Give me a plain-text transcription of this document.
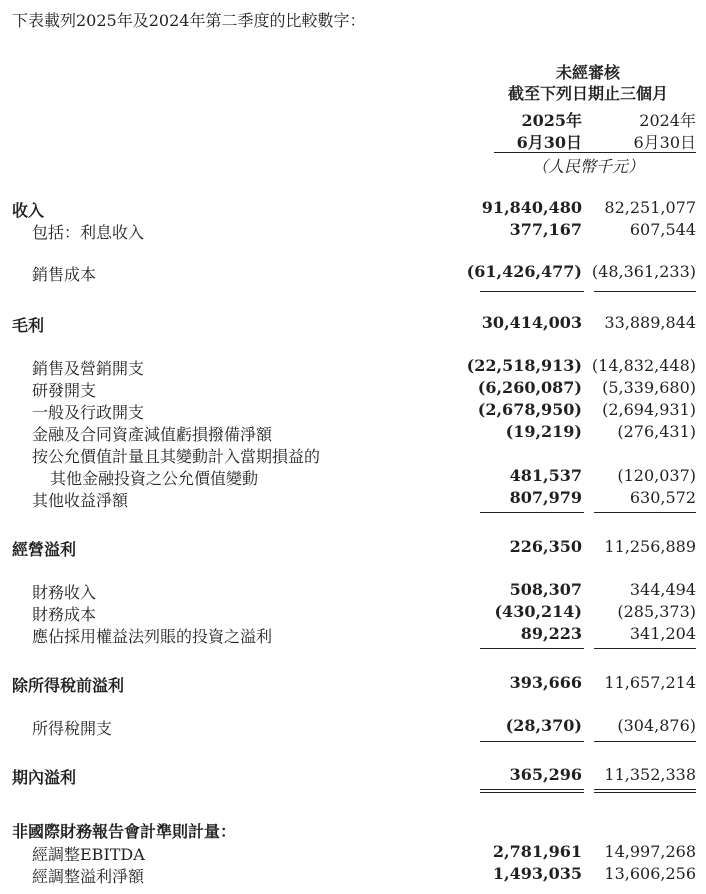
下表載列2025年及2024年第二季度的比較數字：
未經審核
截至下列日期止三個月
2025年
6月30日
2024年
6月30日
（人民幣千元）
收入	91,840,480 82,251,077
包括：利息收入	377,167	607,544
銷售成本	(61,426,477) (48,361,233)
毛利	30,414,003 33,889,844
銷售及營銷開支	(22,518,913) (14,832,448)
研發開支	(6,260,087) (5,339,680)
一般及行政開支	(2,678,950) (2,694,931)
金融及合同資產減值虧損撥備淨額	(19,219) (276,431)
按公允價值計量且其變動計入當期損益的
其他金融投資之公允價值變動	481,537 (120,037)
其他收益淨額	807,979	630,572
經營溢利	226,350 11,256,889
財務收入	508,307	344,494
財務成本	(430,214) (285,373)
應佔採用權益法列賬的投資之溢利	89,223	341,204
除所得稅前溢利	393,666 11,657,214
所得稅開支	(28,370) (304,876)
期內溢利	365,296 11,352,338
非國際財務報告會計準則計量：
經調整EBITDA	2,781,961 14,997,268
經調整溢利淨額	1,493,035 13,606,256
